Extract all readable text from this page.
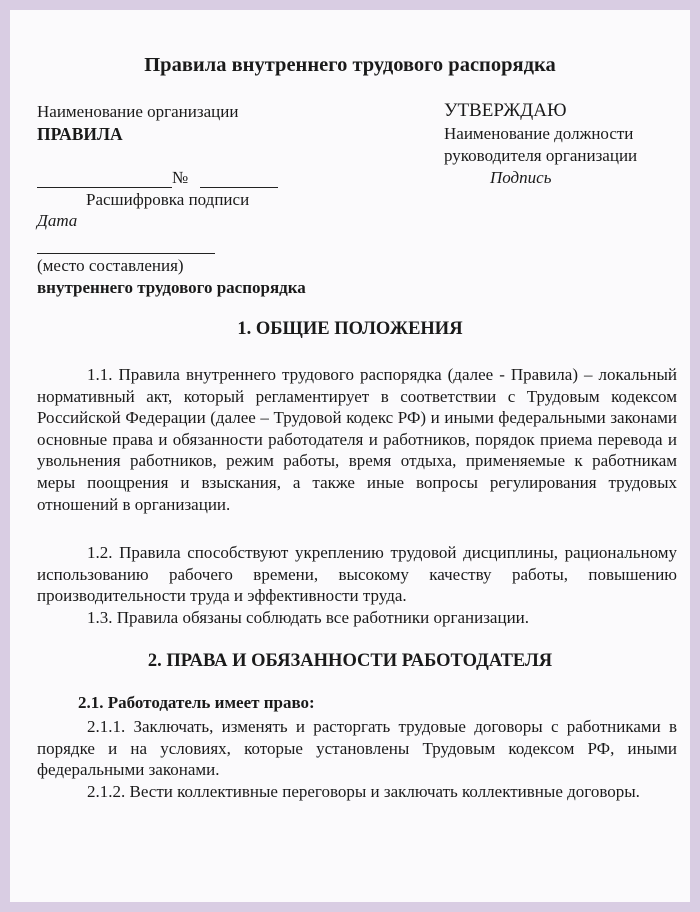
Правила внутреннего трудового распорядка
Наименование организации
ПРАВИЛА
УТВЕРЖДАЮ
Наименование должности
руководителя организации
Подпись
№
Расшифровка подписи
Дата
(место составления)
внутреннего трудового распорядка
1. ОБЩИЕ ПОЛОЖЕНИЯ
1.1. Правила внутреннего трудового распорядка (далее - Правила) – локальный нормативный акт, который регламентирует в соответствии с Трудовым кодексом Российской Федерации (далее – Трудовой кодекс РФ) и иными федеральными законами основные права и обязанности работодателя и работников, порядок приема перевода и увольнения работников, режим работы, время отдыха, применяемые к работникам меры поощрения и взыскания, а также иные вопросы регулирования трудовых отношений в организации.
1.2. Правила способствуют укреплению трудовой дисциплины, рациональному использованию рабочего времени, высокому качеству работы, повышению производительности труда и эффективности труда.
1.3. Правила обязаны соблюдать все работники организации.
2. ПРАВА И ОБЯЗАННОСТИ РАБОТОДАТЕЛЯ
2.1. Работодатель имеет право:
2.1.1. Заключать, изменять и расторгать трудовые договоры с работниками в порядке и на условиях, которые установлены Трудовым кодексом РФ, иными федеральными законами.
2.1.2. Вести коллективные переговоры и заключать коллективные договоры.
